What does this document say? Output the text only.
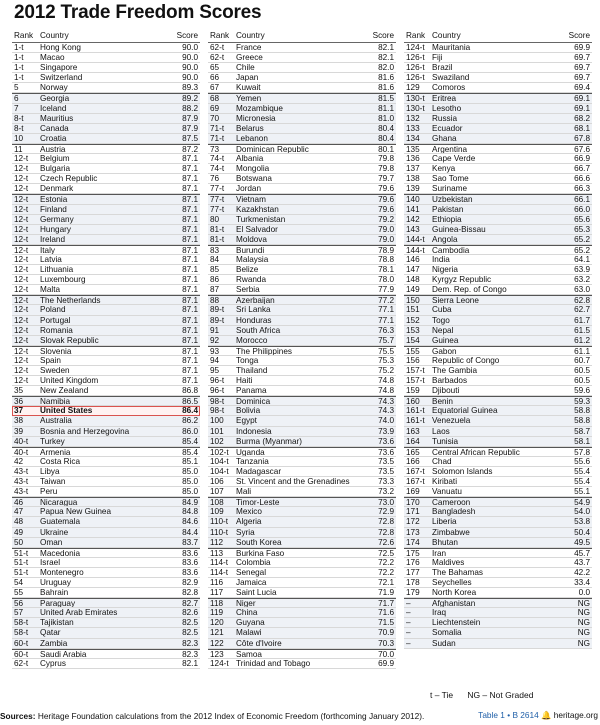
2012 Trade Freedom Scores
Rank Country	Score
1-t	Hong Kong	90.0
1-t	Macao	90.0
1-t	Singapore	90.0
1-t	Switzerland	90.0
5	Norway	89.3
6	Georgia	89.2
7	Iceland	88.2
8-t	Mauritius	87.9
8-t	Canada	87.9
10	Croatia	87.5
11	Austria	87.2
12-t	Belgium	87.1
12-t	Bulgaria	87.1
12-t	Czech Republic	87.1
12-t	Denmark	87.1
12-t	Estonia	87.1
12-t	Finland	87.1
12-t	Germany	87.1
12-t	Hungary	87.1
12-t	Ireland	87.1
12-t	Italy	87.1
12-t	Latvia	87.1
12-t	Lithuania	87.1
12-t	Luxembourg	87.1
12-t	Malta	87.1
12-t	The Netherlands	87.1
12-t	Poland	87.1
12-t	Portugal	87.1
12-t	Romania	87.1
12-t	Slovak Republic	87.1
12-t	Slovenia	87.1
12-t	Spain	87.1
12-t	Sweden	87.1
12-t	United Kingdom	87.1
35	New Zealand	86.8
36	Namibia	86.5
37	United States	86.4
38	Australia	86.2
39	Bosnia and Herzegovina	86.0
40-t	Turkey	85.4
40-t	Armenia	85.4
42	Costa Rica	85.1
43-t	Libya	85.0
43-t	Taiwan	85.0
43-t	Peru	85.0
46	Nicaragua	84.9
47	Papua New Guinea	84.8
48	Guatemala	84.6
49	Ukraine	84.4
50	Oman	83.7
51-t	Macedonia	83.6
51-t	Israel	83.6
51-t	Montenegro	83.6
54	Uruguay	82.9
55	Bahrain	82.8
56	Paraguay	82.7
57	United Arab Emirates	82.6
58-t	Tajikistan	82.5
58-t	Qatar	82.5
60-t	Zambia	82.3
60-t	Saudi Arabia	82.3
62-t	Cyprus	82.1
Rank Country	Score
62-t	France	82.1
62-t	Greece	82.1
65	Chile	82.0
66	Japan	81.6
67	Kuwait	81.6
68	Yemen	81.5
69	Mozambique	81.1
70	Micronesia	81.0
71-t	Belarus	80.4
71-t	Lebanon	80.4
73	Dominican Republic	80.1
74-t	Albania	79.8
74-t	Mongolia	79.8
76	Botswana	79.7
77-t	Jordan	79.6
77-t	Vietnam	79.6
77-t	Kazakhstan	79.6
80	Turkmenistan	79.2
81-t	El Salvador	79.0
81-t	Moldova	79.0
83	Burundi	78.9
84	Malaysia	78.8
85	Belize	78.1
86	Rwanda	78.0
87	Serbia	77.9
88	Azerbaijan	77.2
89-t	Sri Lanka	77.1
89-t	Honduras	77.1
91	South Africa	76.3
92	Morocco	75.7
93	The Philippines	75.5
94	Tonga	75.3
95	Thailand	75.2
96-t	Haiti	74.8
96-t	Panama	74.8
98-t	Dominica	74.3
98-t	Bolivia	74.3
100	Egypt	74.0
101	Indonesia	73.9
102	Burma (Myanmar)	73.6
102-t Uganda	73.6
104-t Tanzania	73.5
104-t Madagascar	73.5
106	St. Vincent and the Grenadines	73.3
107	Mali	73.2
108	Timor-Leste	73.0
109	Mexico	72.9
110-t Algeria	72.8
110-t Syria	72.8
112	South Korea	72.6
113	Burkina Faso	72.5
114-t Colombia	72.2
114-t Senegal	72.2
116	Jamaica	72.1
117	Saint Lucia	71.9
118	Niger	71.7
119	China	71.6
120	Guyana	71.5
121	Malawi	70.9
122	Côte d'Ivoire	70.3
123	Samoa	70.0
124-t Trinidad and Tobago	69.9
Rank Country	Score
124-t Mauritania	69.9
126-t Fiji	69.7
126-t Brazil	69.7
126-t Swaziland	69.7
129	Comoros	69.4
130-t Eritrea	69.1
130-t Lesotho	69.1
132	Russia	68.2
133	Ecuador	68.1
134	Ghana	67.8
135	Argentina	67.6
136	Cape Verde	66.9
137	Kenya	66.7
138	Sao Tome	66.6
139	Suriname	66.3
140	Uzbekistan	66.1
141	Pakistan	66.0
142	Ethiopia	65.6
143	Guinea-Bissau	65.3
144-t Angola	65.2
144-t Cambodia	65.2
146	India	64.1
147	Nigeria	63.9
148	Kyrgyz Republic	63.2
149	Dem. Rep. of Congo	63.0
150	Sierra Leone	62.8
151	Cuba	62.7
152	Togo	61.7
153	Nepal	61.5
154	Guinea	61.2
155	Gabon	61.1
156	Republic of Congo	60.7
157-t The Gambia	60.5
157-t Barbados	60.5
159	Djibouti	59.6
160	Benin	59.3
161-t Equatorial Guinea	58.8
161-t Venezuela	58.8
163	Laos	58.7
164	Tunisia	58.1
165	Central African Republic	57.8
166	Chad	55.6
167-t Solomon Islands	55.4
167-t Kiribati	55.4
169	Vanuatu	55.1
170	Cameroon	54.9
171	Bangladesh	54.0
172	Liberia	53.8
173	Zimbabwe	50.4
174	Bhutan	49.5
175	Iran	45.7
176	Maldives	43.7
177	The Bahamas	42.2
178	Seychelles	33.4
179	North Korea	0.0
–	Afghanistan	NG
–	Iraq	NG
–	Liechtenstein	NG
–	Somalia	NG
–	Sudan	NG
t – Tie      NG – Not Graded
Sources: Heritage Foundation calculations from the 2012 Index of Economic Freedom (forthcoming January 2012).	Table 1 • B 2614 🔔 heritage.org
